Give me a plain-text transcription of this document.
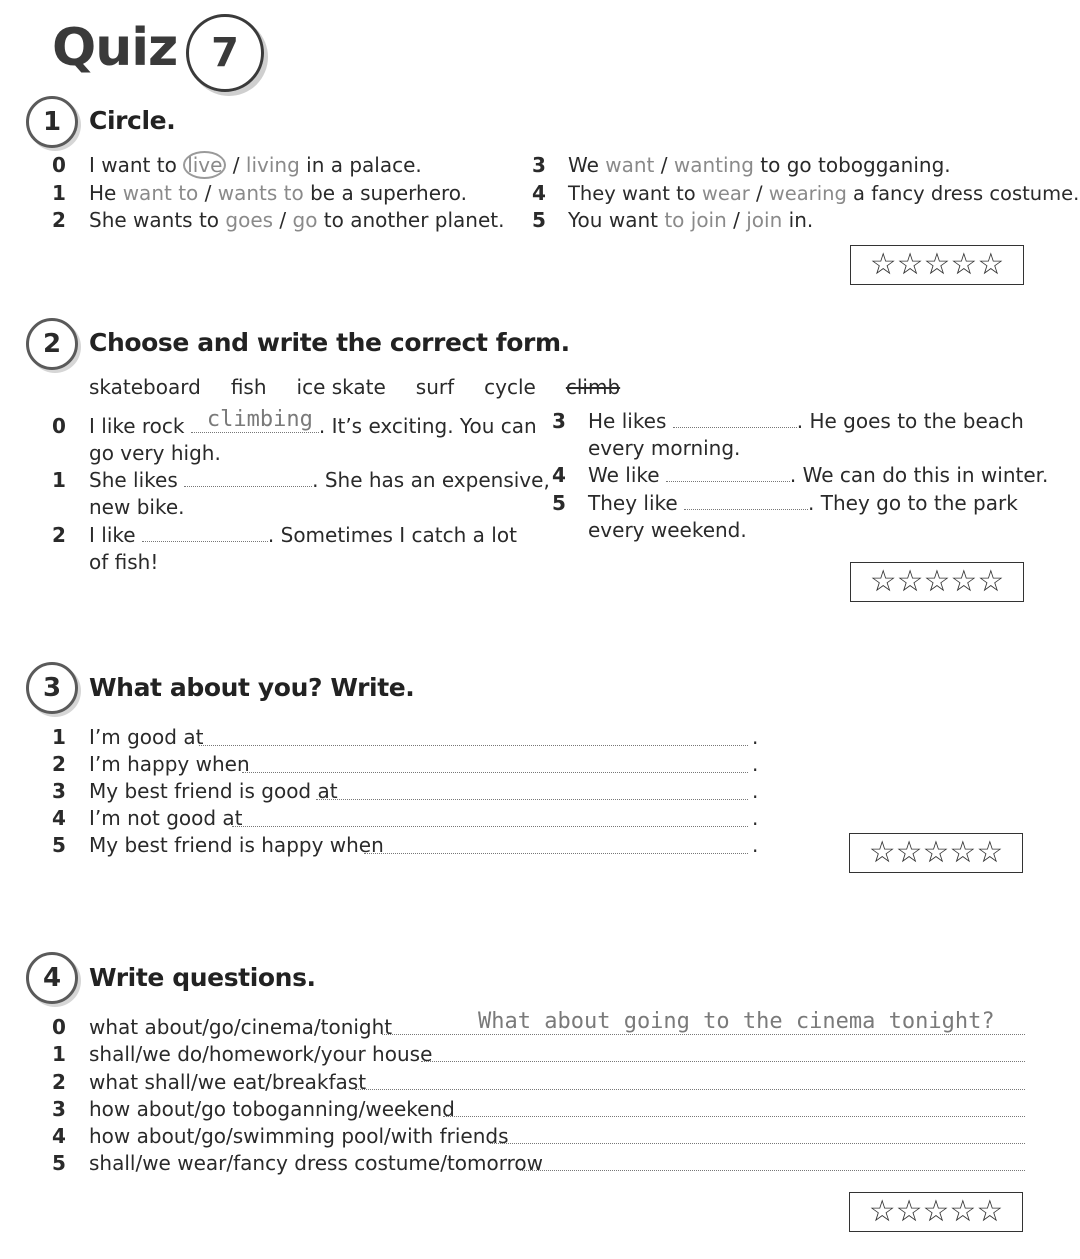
Quiz 7
1	Circle.
0 I want to live / living in a palace.
1 He want to / wants to be a superhero.
2 She wants to goes / go to another planet.
3 We want / wanting to go tobogganing.
4 They want to wear / wearing a fancy dress costume.
5 You want to join / join in.
☆☆☆☆☆
2	Choose and write the correct form.
skateboard fish ice skate surf cycle climb
0 I like rock climbing . It’s exciting. You can
go very high.
1 She likes	. She has an expensive,
new bike.
2 I like	. Sometimes I catch a lot
of fish!
3 He likes	. He goes to the beach
every morning.
4 We like	. We can do this in winter.
5 They like	. They go to the park
every weekend.
☆☆☆☆☆
3	What about you? Write.
1 I’m good at	.
2 I’m happy when	.
3 My best friend is good at	.
4 I’m not good at	.
5 My best friend is happy when	.	☆☆☆☆☆
4	Write questions.
0 what about/go/cinema/tonight	What about going to the cinema tonight?
1 shall/we do/homework/your house
2 what shall/we eat/breakfast
3 how about/go toboganning/weekend
4 how about/go/swimming pool/with friends
5 shall/we wear/fancy dress costume/tomorrow
☆☆☆☆☆
